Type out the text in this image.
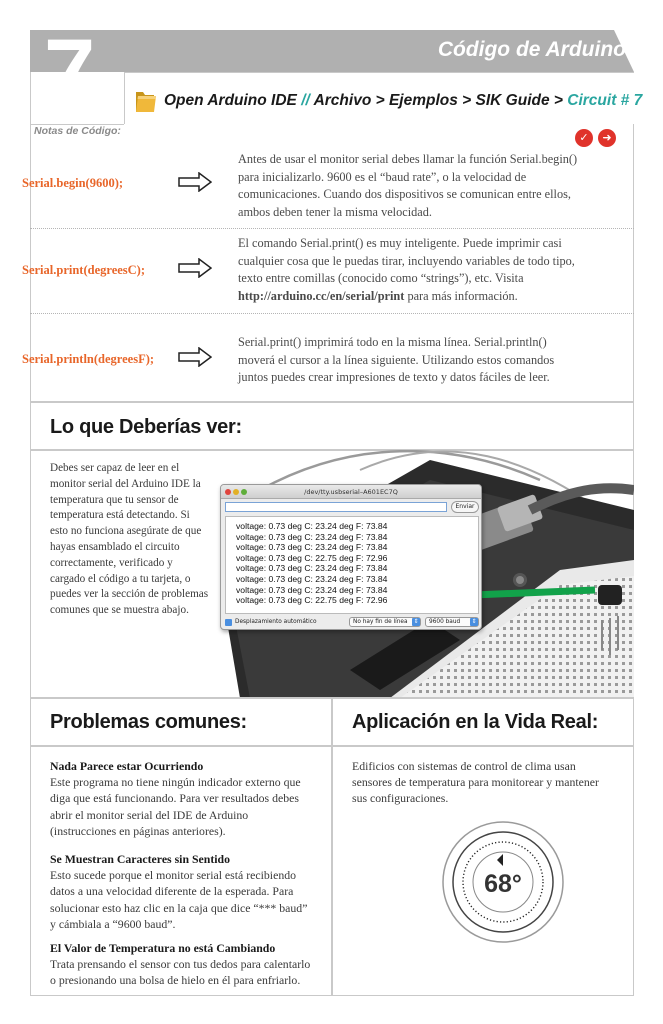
7	Código de Arduino:
Open Arduino IDE // Archivo > Ejemplos > SIK Guide > Circuit # 7
Notas de Código:	✓	➜
Serial.begin(9600);
Antes de usar el monitor serial debes llamar la función Serial.begin() para inicializarlo. 9600 es el “baud rate”, o la velocidad de comunicaciones. Cuando dos dispositivos se comunican entre ellos, ambos deben tener la misma velocidad.
Serial.print(degreesC);
El comando Serial.print() es muy inteligente. Puede imprimir casi cualquier cosa que le puedas tirar, incluyendo variables de todo tipo, texto entre comillas (conocido como “strings”), etc. Visita http://arduino.cc/en/serial/print para más información.
Serial.println(degreesF);
Serial.print() imprimirá todo en la misma línea. Serial.println() moverá el cursor a la línea siguiente. Utilizando estos comandos juntos puedes crear impresiones de texto y datos fáciles de leer.
Lo que Deberías ver:
Debes ser capaz de leer en el monitor serial del Arduino IDE la temperatura que tu sensor de temperatura está detectando. Si esto no funciona asegúrate de que hayas ensamblado el circuito correctamente, verificado y cargado el código a tu tarjeta, o puedes ver la sección de problemas comunes que se muestra abajo.
/dev/tty.usbserial–A601EC7Q
Enviar
voltage: 0.73 deg C: 23.24 deg F: 73.84
voltage: 0.73 deg C: 23.24 deg F: 73.84
voltage: 0.73 deg C: 23.24 deg F: 73.84
voltage: 0.73 deg C: 22.75 deg F: 72.96
voltage: 0.73 deg C: 23.24 deg F: 73.84
voltage: 0.73 deg C: 23.24 deg F: 73.84
voltage: 0.73 deg C: 23.24 deg F: 73.84
voltage: 0.73 deg C: 22.75 deg F: 72.96
Desplazamiento automático	No hay fin de línea ⇕	9600 baud ⇕
Problemas comunes:	Aplicación en la Vida Real:
Nada Parece estar Ocurriendo
Este programa no tiene ningún indicador externo que diga que está funcionando. Para ver resultados debes abrir el monitor serial del IDE de Arduino (instrucciones en páginas anteriores).
Se Muestran Caracteres sin Sentido
Esto sucede porque el monitor serial está recibiendo datos a una velocidad diferente de la esperada. Para solucionar esto haz clic en la caja que dice “*** baud” y cámbiala a “9600 baud”.
El Valor de Temperatura no está Cambiando
Trata prensando el sensor con tus dedos para calentarlo o presionando una bolsa de hielo en él para enfriarlo.
Edificios con sistemas de control de clima usan sensores de temperatura para monitorear y mantener sus configuraciones.
68°
